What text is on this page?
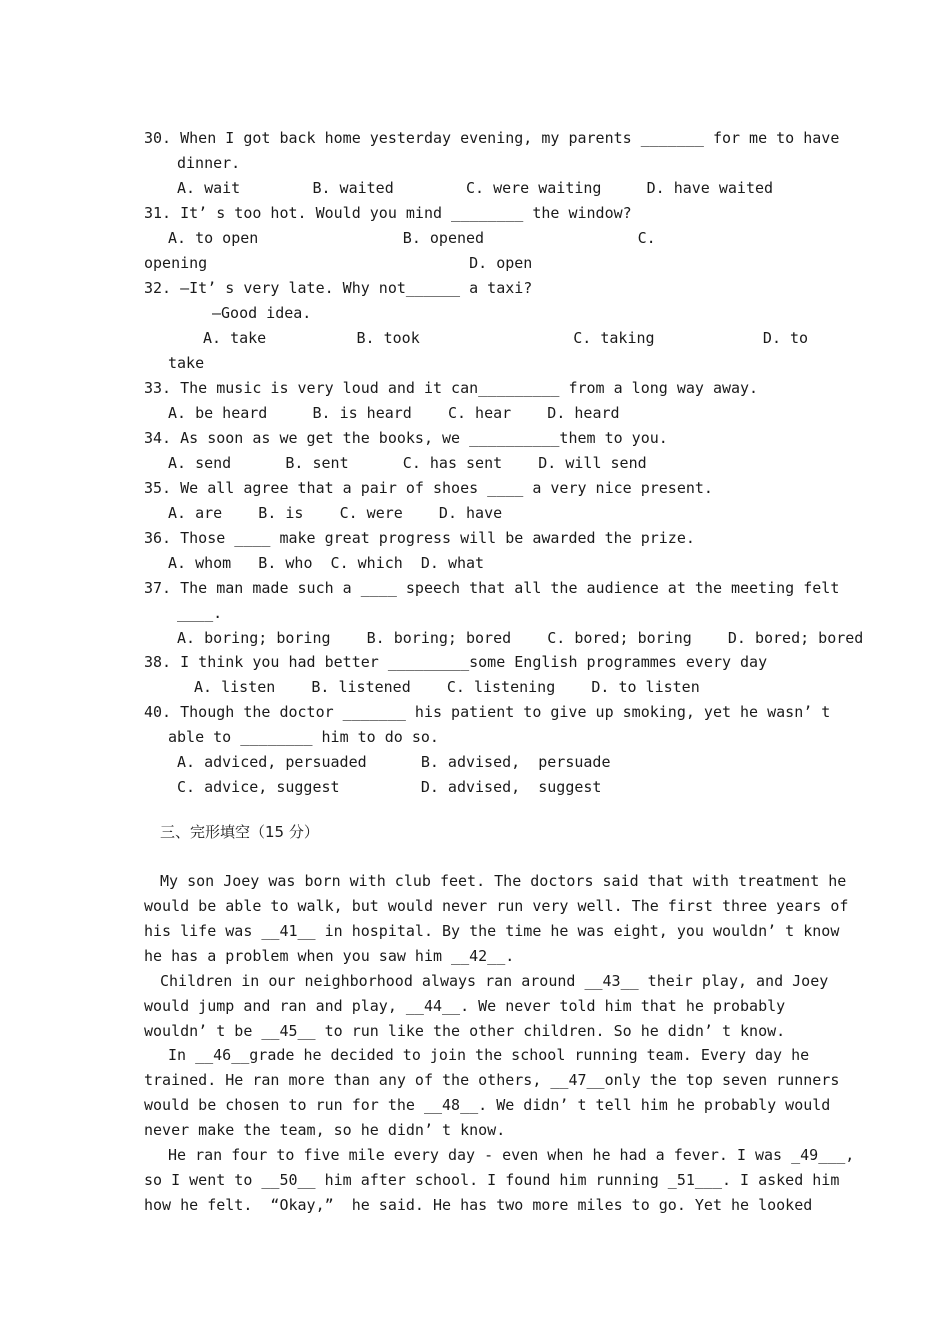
30. When I got back home yesterday evening, my parents _______ for me to have
dinner.
A. wait        B. waited        C. were waiting     D. have waited
31. It’ s too hot. Would you mind ________ the window?
A. to open                B. opened                 C.
opening                             D. open
32. —It’ s very late. Why not______ a taxi?
—Good idea.
A. take          B. took                 C. taking            D. to
take
33. The music is very loud and it can_________ from a long way away.
A. be heard     B. is heard    C. hear    D. heard
34. As soon as we get the books, we __________them to you.
A. send      B. sent      C. has sent    D. will send
35. We all agree that a pair of shoes ____ a very nice present.
A. are    B. is    C. were    D. have
36. Those ____ make great progress will be awarded the prize.
A. whom   B. who  C. which  D. what
37. The man made such a ____ speech that all the audience at the meeting felt
____.
A. boring; boring    B. boring; bored    C. bored; boring    D. bored; bored
38. I think you had better _________some English programmes every day
A. listen    B. listened    C. listening    D. to listen
40. Though the doctor _______ his patient to give up smoking, yet he wasn’ t
able to ________ him to do so.
A. adviced, persuaded      B. advised,  persuade
C. advice, suggest         D. advised,  suggest
三、完形填空（15 分）
My son Joey was born with club feet. The doctors said that with treatment he
would be able to walk, but would never run very well. The first three years of
his life was __41__ in hospital. By the time he was eight, you wouldn’ t know
he has a problem when you saw him __42__.
Children in our neighborhood always ran around __43__ their play, and Joey
would jump and ran and play, __44__. We never told him that he probably
wouldn’ t be __45__ to run like the other children. So he didn’ t know.
In __46__grade he decided to join the school running team. Every day he
trained. He ran more than any of the others, __47__only the top seven runners
would be chosen to run for the __48__. We didn’ t tell him he probably would
never make the team, so he didn’ t know.
He ran four to five mile every day - even when he had a fever. I was _49___,
so I went to __50__ him after school. I found him running _51___. I asked him
how he felt.  “Okay,”  he said. He has two more miles to go. Yet he looked
